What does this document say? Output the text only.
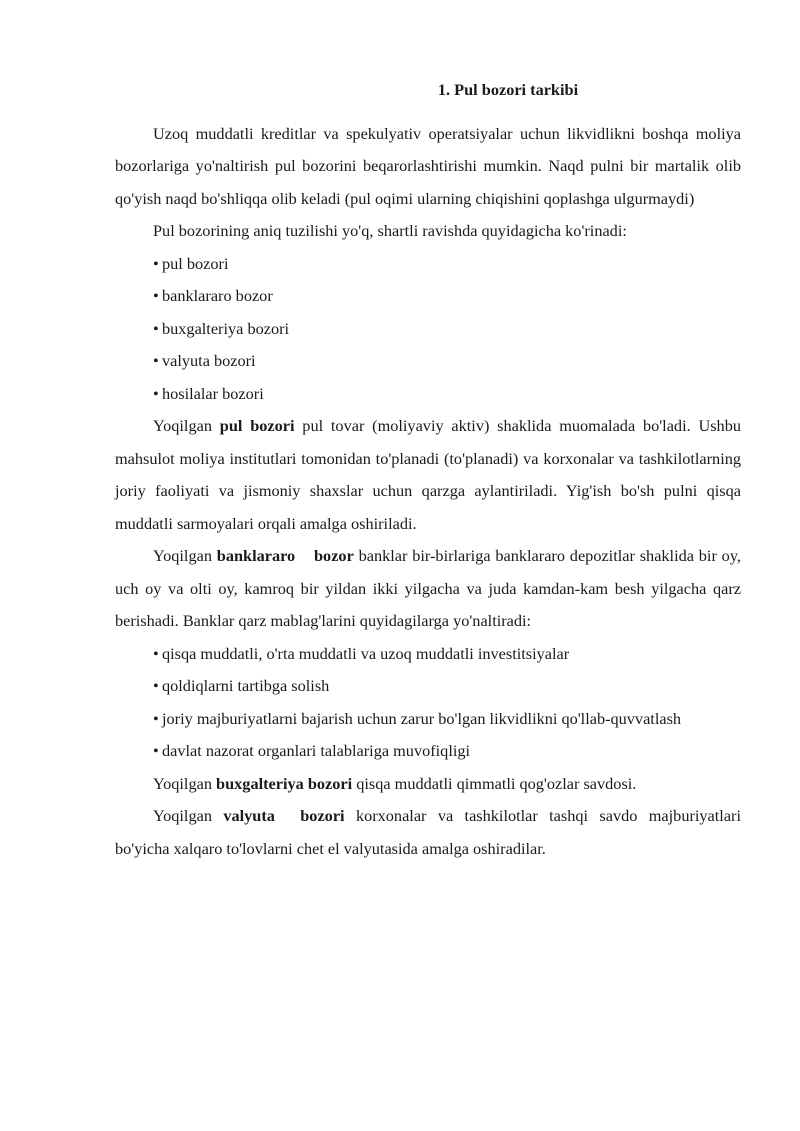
1. Pul bozori tarkibi

Uzoq muddatli kreditlar va spekulyativ operatsiyalar uchun likvidlikni boshqa moliya bozorlariga yo'naltirish pul bozorini beqarorlashtirishi mumkin. Naqd pulni bir martalik olib qo'yish naqd bo'shliqqa olib keladi (pul oqimi ularning chiqishini qoplashga ulgurmaydi)

Pul bozorining aniq tuzilishi yo'q, shartli ravishda quyidagicha ko'rinadi:

• pul bozori

• banklararo bozor

• buxgalteriya bozori

• valyuta bozori

• hosilalar bozori

Yoqilgan pul bozori pul tovar (moliyaviy aktiv) shaklida muomalada bo'ladi. Ushbu mahsulot moliya institutlari tomonidan to'planadi (to'planadi) va korxonalar va tashkilotlarning joriy faoliyati va jismoniy shaxslar uchun qarzga aylantiriladi. Yig'ish bo'sh pulni qisqa muddatli sarmoyalari orqali amalga oshiriladi.

Yoqilgan banklararo bozor banklar bir-birlariga banklararo depozitlar shaklida bir oy, uch oy va olti oy, kamroq bir yildan ikki yilgacha va juda kamdan-kam besh yilgacha qarz berishadi. Banklar qarz mablag'larini quyidagilarga yo'naltiradi:

• qisqa muddatli, o'rta muddatli va uzoq muddatli investitsiyalar

• qoldiqlarni tartibga solish

• joriy majburiyatlarni bajarish uchun zarur bo'lgan likvidlikni qo'llab-quvvatlash

• davlat nazorat organlari talablariga muvofiqligi

Yoqilgan buxgalteriya bozori qisqa muddatli qimmatli qog'ozlar savdosi.

Yoqilgan valyuta bozori korxonalar va tashkilotlar tashqi savdo majburiyatlari bo'yicha xalqaro to'lovlarni chet el valyutasida amalga oshiradilar.
